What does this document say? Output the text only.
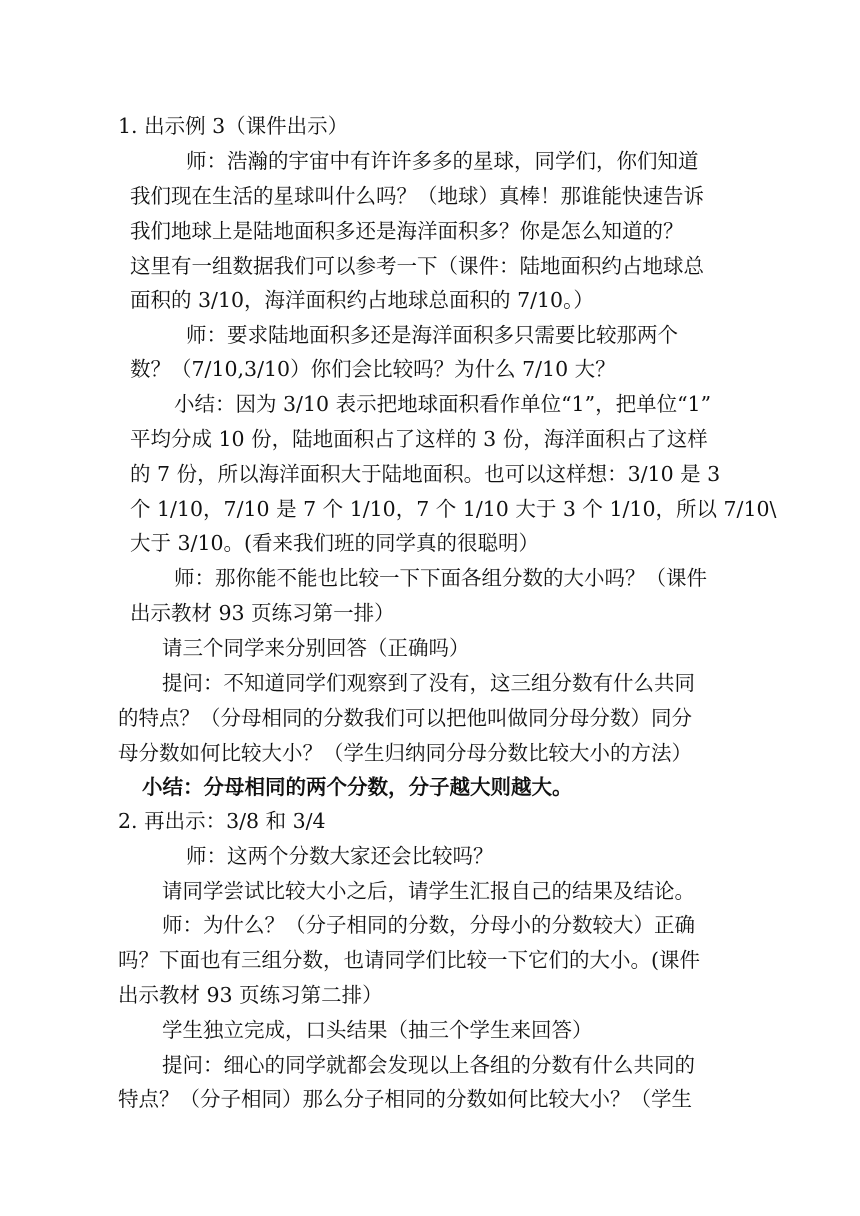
1. 出示例 3（课件出示）
师：浩瀚的宇宙中有许许多多的星球，同学们，你们知道
我们现在生活的星球叫什么吗？（地球）真棒！那谁能快速告诉
我们地球上是陆地面积多还是海洋面积多？你是怎么知道的？
这里有一组数据我们可以参考一下（课件：陆地面积约占地球总
面积的 3/10，海洋面积约占地球总面积的 7/10。）
师：要求陆地面积多还是海洋面积多只需要比较那两个
数？（7/10,3/10）你们会比较吗？为什么 7/10 大？
小结：因为 3/10 表示把地球面积看作单位“1”，把单位“1”
平均分成 10 份，陆地面积占了这样的 3 份，海洋面积占了这样
的 7 份，所以海洋面积大于陆地面积。也可以这样想：3/10 是 3
个 1/10，7/10 是 7 个 1/10，7 个 1/10 大于 3 个 1/10，所以 7/10\
大于 3/10。(看来我们班的同学真的很聪明）
师：那你能不能也比较一下下面各组分数的大小吗？（课件
出示教材 93 页练习第一排）
请三个同学来分别回答（正确吗）
提问：不知道同学们观察到了没有，这三组分数有什么共同
的特点？（分母相同的分数我们可以把他叫做同分母分数）同分
母分数如何比较大小？（学生归纳同分母分数比较大小的方法）
小结：分母相同的两个分数，分子越大则越大。
2. 再出示：3/8 和 3/4
师：这两个分数大家还会比较吗？
请同学尝试比较大小之后，请学生汇报自己的结果及结论。
师：为什么？（分子相同的分数，分母小的分数较大）正确
吗？下面也有三组分数，也请同学们比较一下它们的大小。(课件
出示教材 93 页练习第二排）
学生独立完成，口头结果（抽三个学生来回答）
提问：细心的同学就都会发现以上各组的分数有什么共同的
特点？（分子相同）那么分子相同的分数如何比较大小？（学生
